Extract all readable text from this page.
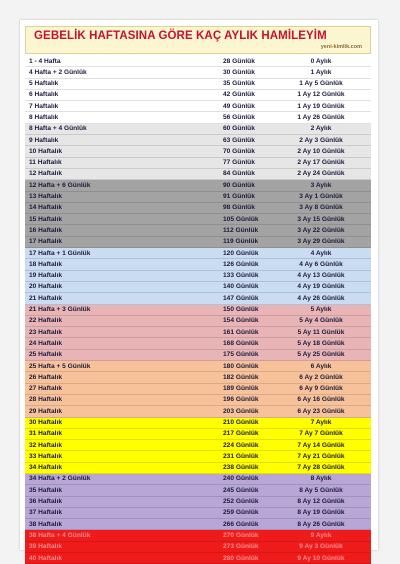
GEBELİK HAFTASINA GÖRE KAÇ AYLIK HAMİLEYİM
yeni-kimlik.com
1 - 4 Hafta	28 Günlük	0 Aylık
4 Hafta + 2 Günlük	30 Günlük	1 Aylık
5 Haftalık	35 Günlük	1 Ay 5 Günlük
6 Haftalık	42 Günlük	1 Ay 12 Günlük
7 Haftalık	49 Günlük	1 Ay 19 Günlük
8 Haftalık	56 Günlük	1 Ay 26 Günlük
8 Hafta + 4 Günlük	60 Günlük	2 Aylık
9 Haftalık	63 Günlük	2 Ay 3 Günlük
10 Haftalık	70 Günlük	2 Ay 10 Günlük
11 Haftalık	77 Günlük	2 Ay 17 Günlük
12 Haftalık	84 Günlük	2 Ay 24 Günlük
12 Hafta + 6 Günlük	90 Günlük	3 Aylık
13 Haftalık	91 Günlük	3 Ay 1 Günlük
14 Haftalık	98 Günlük	3 Ay 8 Günlük
15 Haftalık	105 Günlük	3 Ay 15 Günlük
16 Haftalık	112 Günlük	3 Ay 22 Günlük
17 Haftalık	119 Günlük	3 Ay 29 Günlük
17 Hafta + 1 Günlük	120 Günlük	4 Aylık
18 Haftalık	126 Günlük	4 Ay 6 Günlük
19 Haftalık	133 Günlük	4 Ay 13 Günlük
20 Haftalık	140 Günlük	4 Ay 19 Günlük
21 Haftalık	147 Günlük	4 Ay 26 Günlük
21 Hafta + 3 Günlük	150 Günlük	5 Aylık
22 Haftalık	154 Günlük	5 Ay 4 Günlük
23 Haftalık	161 Günlük	5 Ay 11 Günlük
24 Haftalık	168 Günlük	5 Ay 18 Günlük
25 Haftalık	175 Günlük	5 Ay 25 Günlük
25 Hafta + 5 Günlük	180 Günlük	6 Aylık
26 Haftalık	182 Günlük	6 Ay 2 Günlük
27 Haftalık	189 Günlük	6 Ay 9 Günlük
28 Haftalık	196 Günlük	6 Ay 16 Günlük
29 Haftalık	203 Günlük	6 Ay 23 Günlük
30 Haftalık	210 Günlük	7 Aylık
31 Haftalık	217 Günlük	7 Ay 7 Günlük
32 Haftalık	224 Günlük	7 Ay 14 Günlük
33 Haftalık	231 Günlük	7 Ay 21 Günlük
34 Haftalık	238 Günlük	7 Ay 28 Günlük
34 Hafta + 2 Günlük	240 Günlük	8 Aylık
35 Haftalık	245 Günlük	8 Ay 5 Günlük
36 Haftalık	252 Günlük	8 Ay 12 Günlük
37 Haftalık	259 Günlük	8 Ay 19 Günlük
38 Haftalık	266 Günlük	8 Ay 26 Günlük
38 Hafta + 4 Günlük	270 Günlük	9 Aylık
39 Haftalık	273 Günlük	9 Ay 3 Günlük
40 Haftalık	280 Günlük	9 Ay 10 Günlük
